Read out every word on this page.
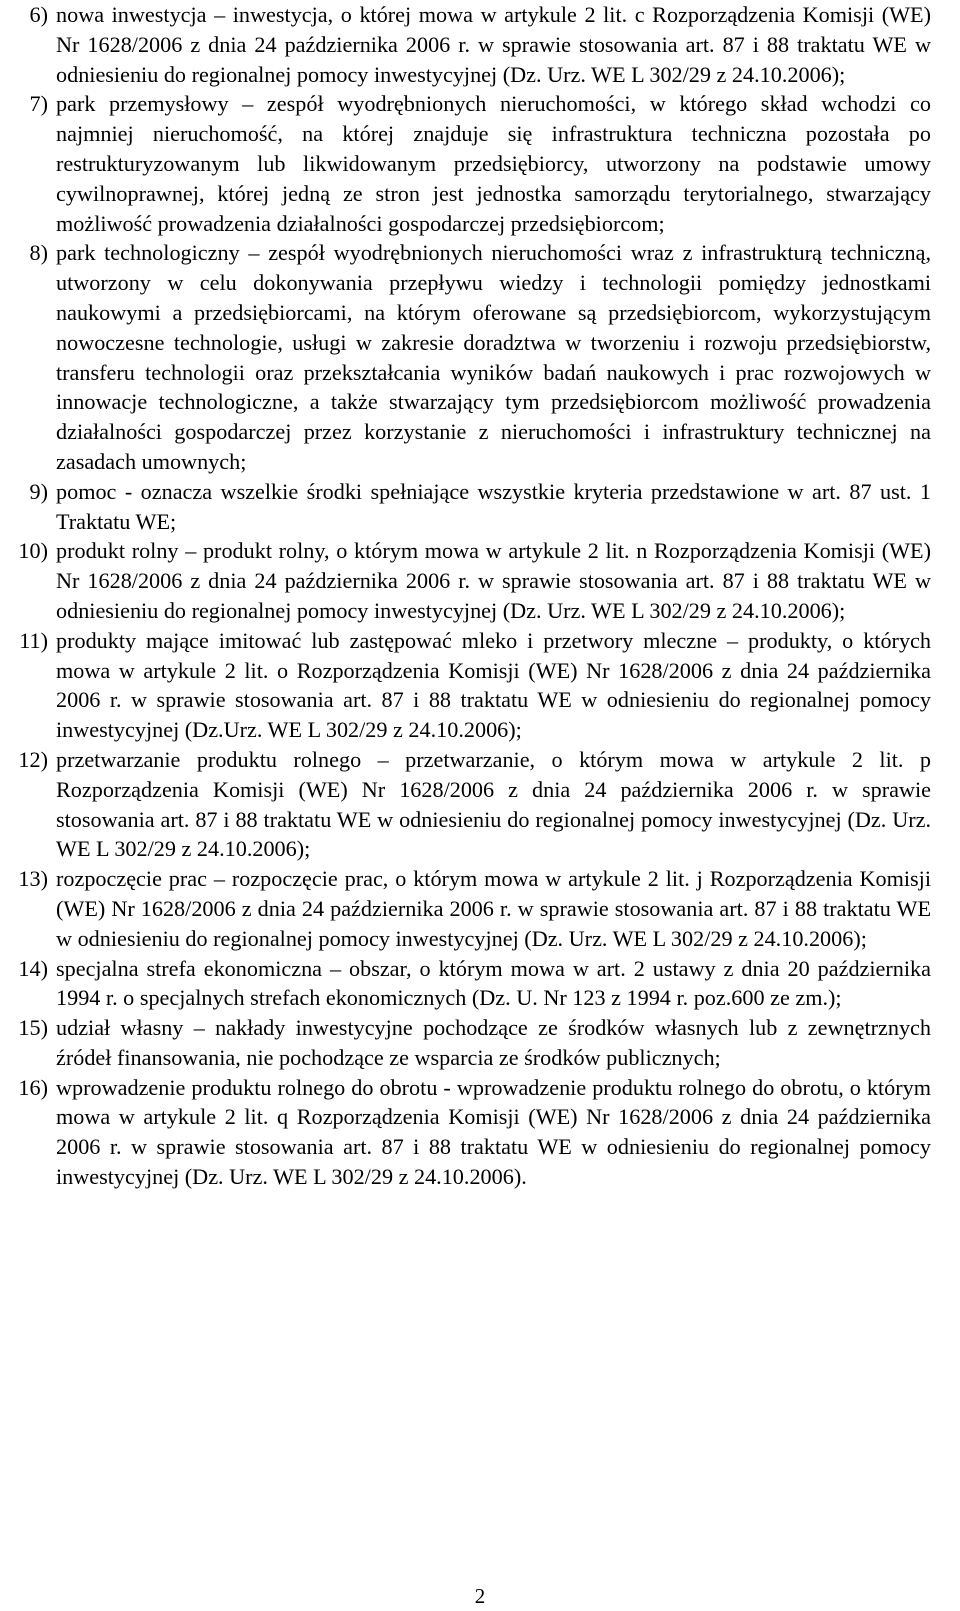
6) nowa inwestycja – inwestycja, o której mowa w artykule 2 lit. c Rozporządzenia Komisji (WE) Nr 1628/2006 z dnia 24 października 2006 r. w sprawie stosowania art. 87 i 88 traktatu WE w odniesieniu do regionalnej pomocy inwestycyjnej (Dz. Urz. WE L 302/29 z 24.10.2006);
7) park przemysłowy – zespół wyodrębnionych nieruchomości, w którego skład wchodzi co najmniej nieruchomość, na której znajduje się infrastruktura techniczna pozostała po restrukturyzowanym lub likwidowanym przedsiębiorcy, utworzony na podstawie umowy cywilnoprawnej, której jedną ze stron jest jednostka samorządu terytorialnego, stwarzający możliwość prowadzenia działalności gospodarczej przedsiębiorcom;
8) park technologiczny – zespół wyodrębnionych nieruchomości wraz z infrastrukturą techniczną, utworzony w celu dokonywania przepływu wiedzy i technologii pomiędzy jednostkami naukowymi a przedsiębiorcami, na którym oferowane są przedsiębiorcom, wykorzystującym nowoczesne technologie, usługi w zakresie doradztwa w tworzeniu i rozwoju przedsiębiorstw, transferu technologii oraz przekształcania wyników badań naukowych i prac rozwojowych w innowacje technologiczne, a także stwarzający tym przedsiębiorcom możliwość prowadzenia działalności gospodarczej przez korzystanie z nieruchomości i infrastruktury technicznej na zasadach umownych;
9) pomoc - oznacza wszelkie środki spełniające wszystkie kryteria przedstawione w art. 87 ust. 1 Traktatu WE;
10) produkt rolny – produkt rolny, o którym mowa w artykule 2 lit. n Rozporządzenia Komisji (WE) Nr 1628/2006 z dnia 24 października 2006 r. w sprawie stosowania art. 87 i 88 traktatu WE w odniesieniu do regionalnej pomocy inwestycyjnej (Dz. Urz. WE L 302/29 z 24.10.2006);
11) produkty mające imitować lub zastępować mleko i przetwory mleczne – produkty, o których mowa w artykule 2 lit. o Rozporządzenia Komisji (WE) Nr 1628/2006 z dnia 24 października 2006 r. w sprawie stosowania art. 87 i 88 traktatu WE w odniesieniu do regionalnej pomocy inwestycyjnej (Dz.Urz. WE L 302/29 z 24.10.2006);
12) przetwarzanie produktu rolnego – przetwarzanie, o którym mowa w artykule 2 lit. p Rozporządzenia Komisji (WE) Nr 1628/2006 z dnia 24 października 2006 r. w sprawie stosowania art. 87 i 88 traktatu WE w odniesieniu do regionalnej pomocy inwestycyjnej (Dz. Urz. WE L 302/29 z 24.10.2006);
13) rozpoczęcie prac – rozpoczęcie prac, o którym mowa w artykule 2 lit. j Rozporządzenia Komisji (WE) Nr 1628/2006 z dnia 24 października 2006 r. w sprawie stosowania art. 87 i 88 traktatu WE w odniesieniu do regionalnej pomocy inwestycyjnej (Dz. Urz. WE L 302/29 z 24.10.2006);
14) specjalna strefa ekonomiczna – obszar, o którym mowa w art. 2 ustawy z dnia 20 października 1994 r. o specjalnych strefach ekonomicznych (Dz. U. Nr 123 z 1994 r. poz.600 ze zm.);
15) udział własny – nakłady inwestycyjne pochodzące ze środków własnych lub z zewnętrznych źródeł finansowania, nie pochodzące ze wsparcia ze środków publicznych;
16) wprowadzenie produktu rolnego do obrotu - wprowadzenie produktu rolnego do obrotu, o którym mowa w artykule 2 lit. q Rozporządzenia Komisji (WE) Nr 1628/2006 z dnia 24 października 2006 r. w sprawie stosowania art. 87 i 88 traktatu WE w odniesieniu do regionalnej pomocy inwestycyjnej (Dz. Urz. WE L 302/29 z 24.10.2006).
2
